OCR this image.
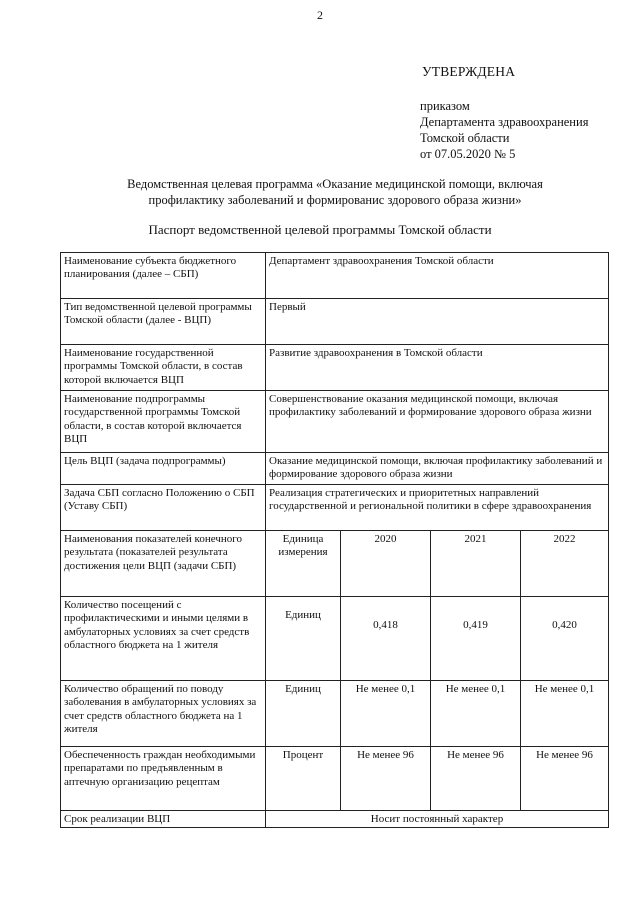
2
УТВЕРЖДЕНА
приказом
Департамента здравоохранения
Томской области
от 07.05.2020 № 5
Ведомственная целевая программа «Оказание медицинской помощи, включая профилактику заболеваний и формированис здорового образа жизни»
Паспорт ведомственной целевой программы Томской области
Наименование субъекта бюджетного планирования (далее – СБП)	Департамент здравоохранения Томской области			
Тип ведомственной целевой программы Томской области (далее - ВЦП)	Первый			
Наименование государственной программы Томской области, в состав которой включается ВЦП	Развитие здравоохранения в Томской области			
Наименование подпрограммы государственной программы Томской области, в состав которой включается ВЦП	Совершенствование оказания медицинской помощи, включая профилактику заболеваний и формирование здорового образа жизни			
Цель ВЦП (задача подпрограммы)	Оказание медицинской помощи, включая профилактику заболеваний и формирование здорового образа жизни			
Задача СБП согласно Положению о СБП (Уставу СБП)	Реализация стратегических и приоритетных направлений государственной и региональной политики в сфере здравоохранения			
Наименования показателей конечного результата (показателей результата достижения цели ВЦП (задачи СБП)	Единица измерения	2020	2021	2022
Количество посещений с профилактическими и иными целями в амбулаторных условиях за счет средств областного бюджета на 1 жителя	Единиц	0,418	0,419	0,420
Количество обращений по поводу заболевания в амбулаторных условиях за счет средств областного бюджета на 1 жителя	Единиц	Не менее 0,1	Не менее 0,1	Не менее 0,1
Обеспеченность граждан необходимыми препаратами по предъявленным в аптечную организацию рецептам	Процент	Не менее 96	Не менее 96	Не менее 96
Срок реализации ВЦП	Носит постоянный характер			
